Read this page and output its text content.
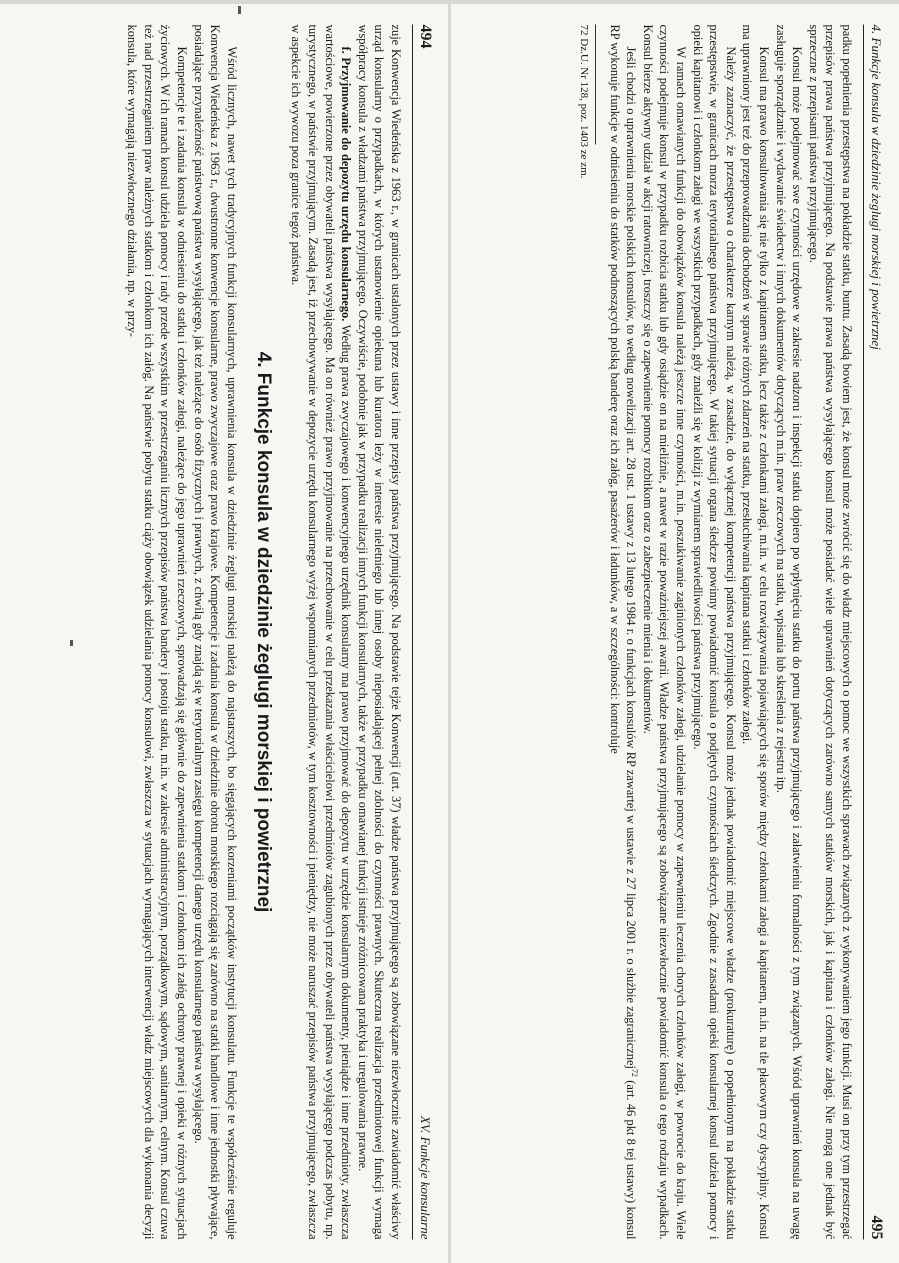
494
XV. Funkcje konsularne

zuje Konwencja Wiedeńska z 1963 r., w granicach ustalonych przez ustawy i inne przepisy państwa przyjmującego. Na podstawie tejże Konwencji (art. 37) władze państwa przyjmującego są zobowiązane niezwłocznie zawiadomić właściwy urząd konsularny o przypadkach, w których ustanowienie opiekuna lub kuratora leży w interesie nieletniego lub innej osoby nieposiadającej pełnej zdolności do czynności prawnych. Skuteczna realizacja przedmiotowej funkcji wymaga współpracy konsula z władzami państwa przyjmującego. Oczywiście, podobnie jak w przypadku realizacji innych funkcji konsularnych, także w przypadku omawianej funkcji istnieje zróżnicowana praktyka i uregulowania prawne.

f. Przyjmowanie do depozytu urzędu konsularnego. Według prawa zwyczajowego i konwencyjnego urzędnik konsularny ma prawo przyjmować do depozytu w urzędzie konsularnym dokumenty, pieniądze i inne przedmioty, zwłaszcza wartościowe, powierzone przez obywateli państwa wysyłającego. Ma on również prawo przyjmowanie na przechowanie w celu przekazania właścicielowi przedmiotów zagubionych przez obywateli państwa wysyłającego podczas pobytu, np. turystycznego, w państwie przyjmującym. Zasadą jest, iż przechowywanie w depozycie urzędu konsularnego wyżej wspomnianych przedmiotów, w tym kosztowności i pieniędzy, nie może naruszać przepisów państwa przyjmującego, zwłaszcza w aspekcie ich wywozu poza granice tegoż państwa.

4. Funkcje konsula w dziedzinie żeglugi morskiej i powietrznej

Wśród licznych, nawet tych tradycyjnych funkcji konsularnych, uprawnienia konsula w dziedzinie żeglugi morskiej należą do najstarszych, bo sięgających korzeniami początków instytucji konsulatu. Funkcje te współcześnie reguluje Konwencja Wiedeńska z 1963 r., dwustronne konwencje konsularne, prawo zwyczajowe oraz prawo krajowe. Kompetencje i zadania konsula w dziedzinie obrotu morskiego rozciągają się zarówno na statki handlowe i inne jednostki pływające, posiadające przynależność państwową państwa wysyłającego, jak też należące do osób fizycznych i prawnych, z chwilą gdy znajdą się w terytorialnym zasięgu kompetencji danego urzędu konsularnego państwa wysyłającego.

Kompetencje te i zadania konsula w odniesieniu do statku i członków załogi, należące do jego uprawnień rzeczowych, sprowadzają się głównie do zapewnienia statkom i członkom ich załóg ochrony prawnej i opieki w różnych sytuacjach życiowych. W ich ramach konsul udziela pomocy i rady przede wszystkim w przestrzeganiu licznych przepisów państwa bandery i postoju statku, m.in. w zakresie administracyjnym, porządkowym, sądowym, sanitarnym, celnym. Konsul czuwa też nad przestrzeganiem praw należnych statkom i członkom ich załóg. Na państwie pobytu statku ciąży obowiązek udzielania pomocy konsulowi, zwłaszcza w sytuacjach wymagających interwencji władz miejscowych dla wykonania decyzji konsula, które wymagają niezwłocznego działania, np. w przy-	4. Funkcje konsula w dziedzinie żeglugi morskiej i powietrznej
495

padku popełnienia przestępstwa na pokładzie statku, buntu. Zasadą bowiem jest, że konsul może zwrócić się do władz miejscowych o pomoc we wszystkich sprawach związanych z wykonywaniem jego funkcji. Musi on przy tym przestrzegać przepisów prawa państwa przyjmującego. Na podstawie prawa państwa wysyłającego konsul może posiadać wiele uprawnień dotyczących zarówno samych statków morskich, jak i kapitana i członków załogi. Nie mogą one jednak być sprzeczne z przepisami państwa przyjmującego.

Konsul może podejmować swe czynności urzędowe w zakresie nadzoru i inspekcji statku dopiero po wpłynięciu statku do portu państwa przyjmującego i załatwieniu formalności z tym związanych. Wśród uprawnień konsula na uwagę zasługuje sporządzanie i wydawanie świadectw i innych dokumentów dotyczących m.in. praw rzeczowych na statku, wpisania lub skreślenia z rejestru itp.

Konsul ma prawo konsultowania się nie tylko z kapitanem statku, lecz także z członkami załogi, m.in. w celu rozwiązywania pojawiających się sporów między członkami załogi a kapitanem, m.in. na tle płacowym czy dyscypliny. Konsul ma uprawniony jest też do przeprowadzania dochodzeń w sprawie różnych zdarzeń na statku, przesłuchiwania kapitana statku i członków załogi.

Należy zaznaczyć, że przestępstwa o charakterze karnym należą, w zasadzie, do wyłącznej kompetencji państwa przyjmującego. Konsul może jednak powiadomić miejscowe władze (prokuraturę) o popełnionym na pokładzie statku przestępstwie, w granicach morza terytorialnego państwa przyjmującego. W takiej sytuacji organa śledcze powinny powiadomić konsula o podjętych czynnościach śledczych. Zgodnie z zasadami opieki konsularnej konsul udziela pomocy i opieki kapitanowi i członkom załogi we wszystkich przypadkach, gdy znaleźli się w kolizji z wymiarem sprawiedliwości państwa przyjmującego.

W ramach omawianych funkcji do obowiązków konsula należą jeszcze inne czynności, m.in. poszukiwanie zaginionych członków załogi, udzielanie pomocy w zapewnieniu leczenia chorych członków załogi, w powrocie do kraju. Wiele czynności podejmuje konsul w przypadku rozbicia statku lub gdy osiądzie on na mieliźnie, a nawet w razie poważniejszej awarii. Władze państwa przyjmującego są zobowiązane niezwłocznie powiadomić konsula o tego rodzaju wypadkach. Konsul bierze aktywny udział w akcji ratowniczej, troszczy się o zapewnienie pomocy rozbitkom oraz o zabezpieczenie mienia i dokumentów.

Jeśli chodzi o uprawnienia morskie polskich konsulów, to według nowelizacji art. 28 ust. 1 ustawy z 13 lutego 1984 r. o funkcjach konsulów RP zawartej w ustawie z 27 lipca 2001 r. o służbie zagranicznej$^{72}$ (art. 46 pkt 8 tej ustawy) konsul RP wykonuje funkcje w odniesieniu do statków podnoszących polską banderę oraz ich załóg, pasażerów i ładunków, a w szczególności: kontroluje

72 Dz.U. Nr 128, poz. 1403 ze zm.
